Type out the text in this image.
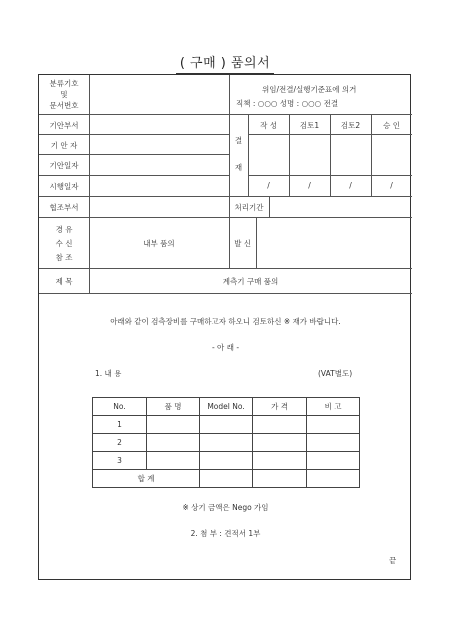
( 구매 ) 품의서
분류기호
및
문서번호
위임/전결/실행기준표에 의거
직책 : ○○○ 성명 : ○○○ 전결
기안부서
기 안 자
기안일자
시행일자
결
재
작 성	검토1	검토2	승 인
/	/	/	/
협조부서	처리기간
경 유
수 신
참 조
내부 품의	발 신
제 목	계측기 구매 품의
아래와 같이 검측장비를 구매하고자 하오니 검토하신 ※ 재가 바랍니다.
- 아 래 -
1. 내 용	(VAT별도)
※ 상기 금액은 Nego 가임
2. 첨 부 : 견적서 1부
끝
No.	품 명	Model No.	가 격	비 고
1				
2				
3				
합 계				
